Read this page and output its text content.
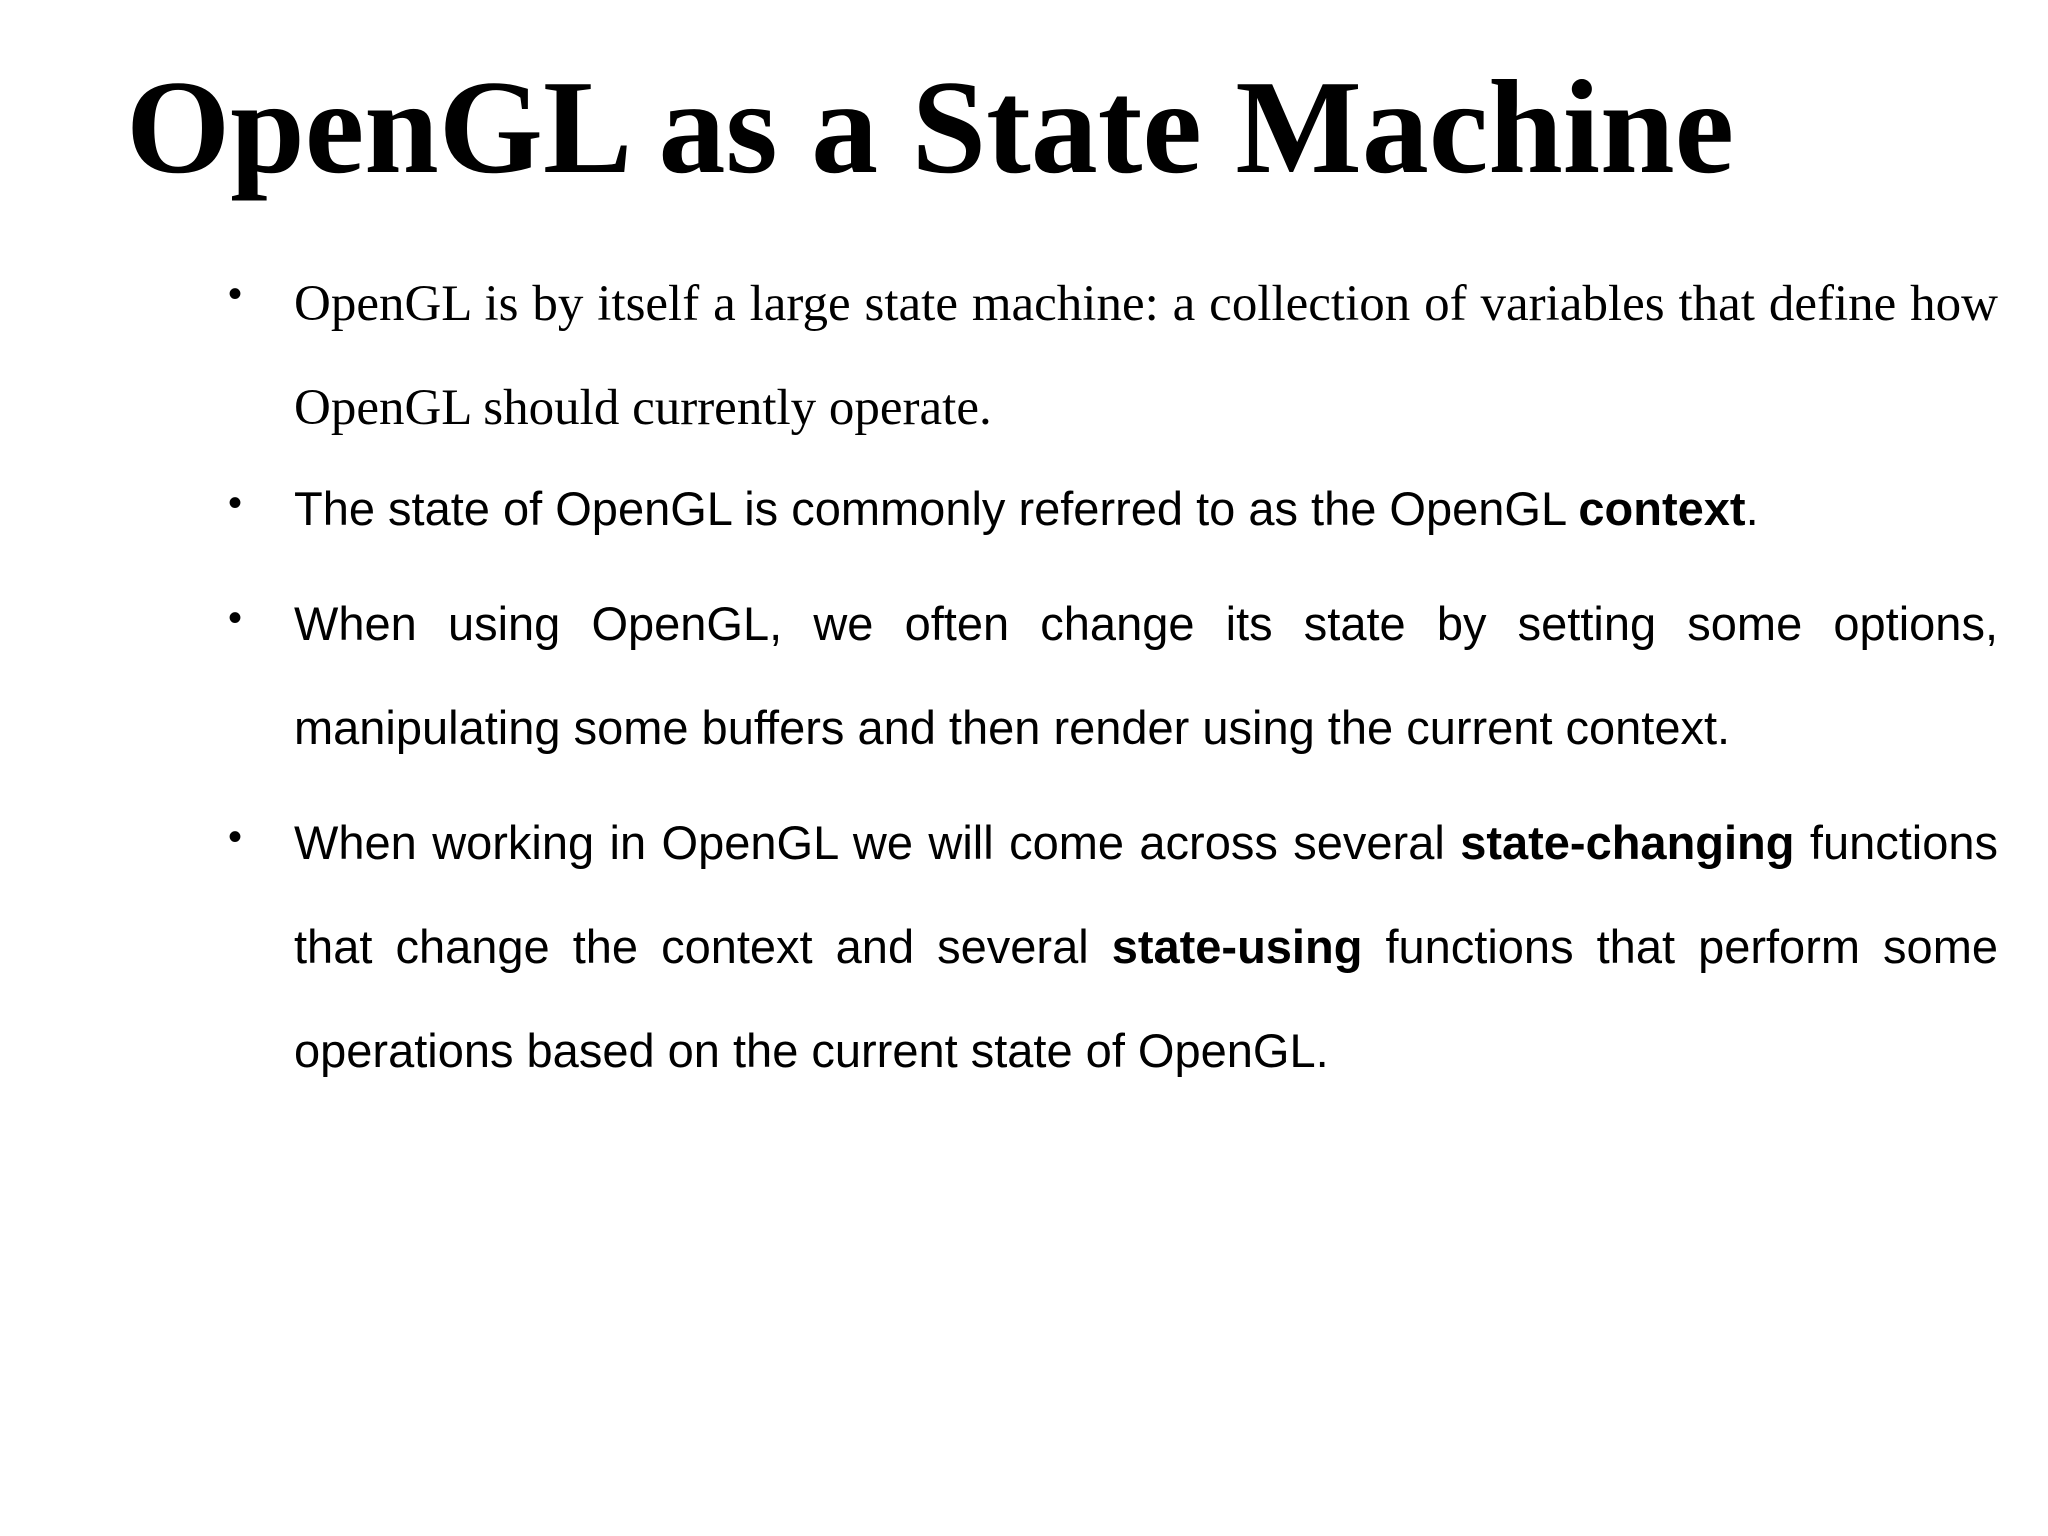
OpenGL as a State Machine
• OpenGL is by itself a large state machine: a collection of variables that define how OpenGL should currently operate.

• The state of OpenGL is commonly referred to as the OpenGL context.

• When using OpenGL, we often change its state by setting some options, manipulating some buffers and then render using the current context.

• When working in OpenGL we will come across several state-changing functions that change the context and several state-using functions that perform some operations based on the current state of OpenGL.
